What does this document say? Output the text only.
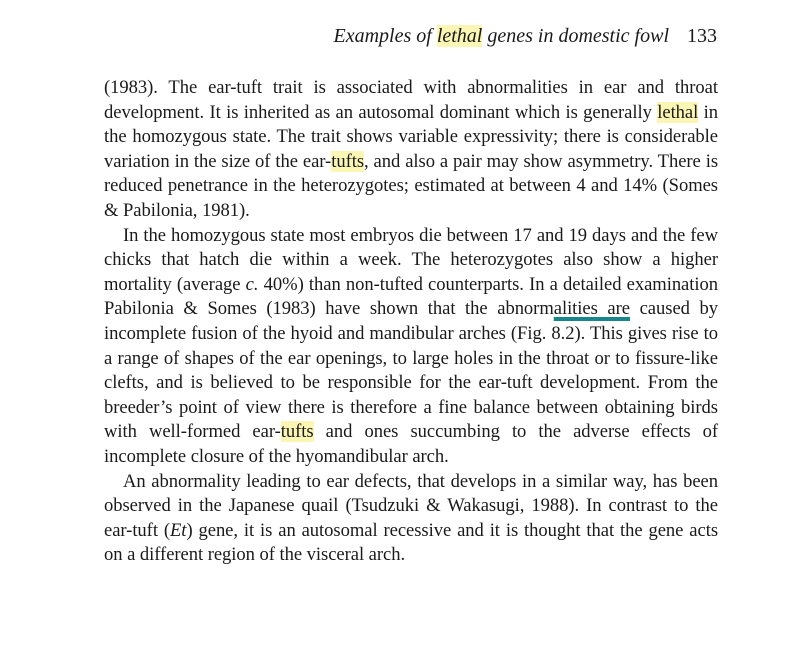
Examples of lethal genes in domestic fowl 133

(1983). The ear-tuft trait is associated with abnormalities in ear and throat development. It is inherited as an autosomal dominant which is generally lethal in the homozygous state. The trait shows variable expressivity; there is considerable variation in the size of the ear-tufts, and also a pair may show asymmetry. There is reduced penetrance in the heterozygotes; estimated at between 4 and 14% (Somes & Pabilonia, 1981).

In the homozygous state most embryos die between 17 and 19 days and the few chicks that hatch die within a week. The heterozygotes also show a higher mortality (average c. 40%) than non-tufted counterparts. In a detailed examination Pabilonia & Somes (1983) have shown that the abnormalities are caused by incomplete fusion of the hyoid and mandibular arches (Fig. 8.2). This gives rise to a range of shapes of the ear openings, to large holes in the throat or to fissure-like clefts, and is believed to be responsible for the ear-tuft development. From the breeder’s point of view there is therefore a fine balance between obtaining birds with well-formed ear-tufts and ones succumbing to the adverse effects of incomplete closure of the hyomandibular arch.

An abnormality leading to ear defects, that develops in a similar way, has been observed in the Japanese quail (Tsudzuki & Wakasugi, 1988). In contrast to the ear-tuft (Et) gene, it is an autosomal recessive and it is thought that the gene acts on a different region of the visceral arch.
